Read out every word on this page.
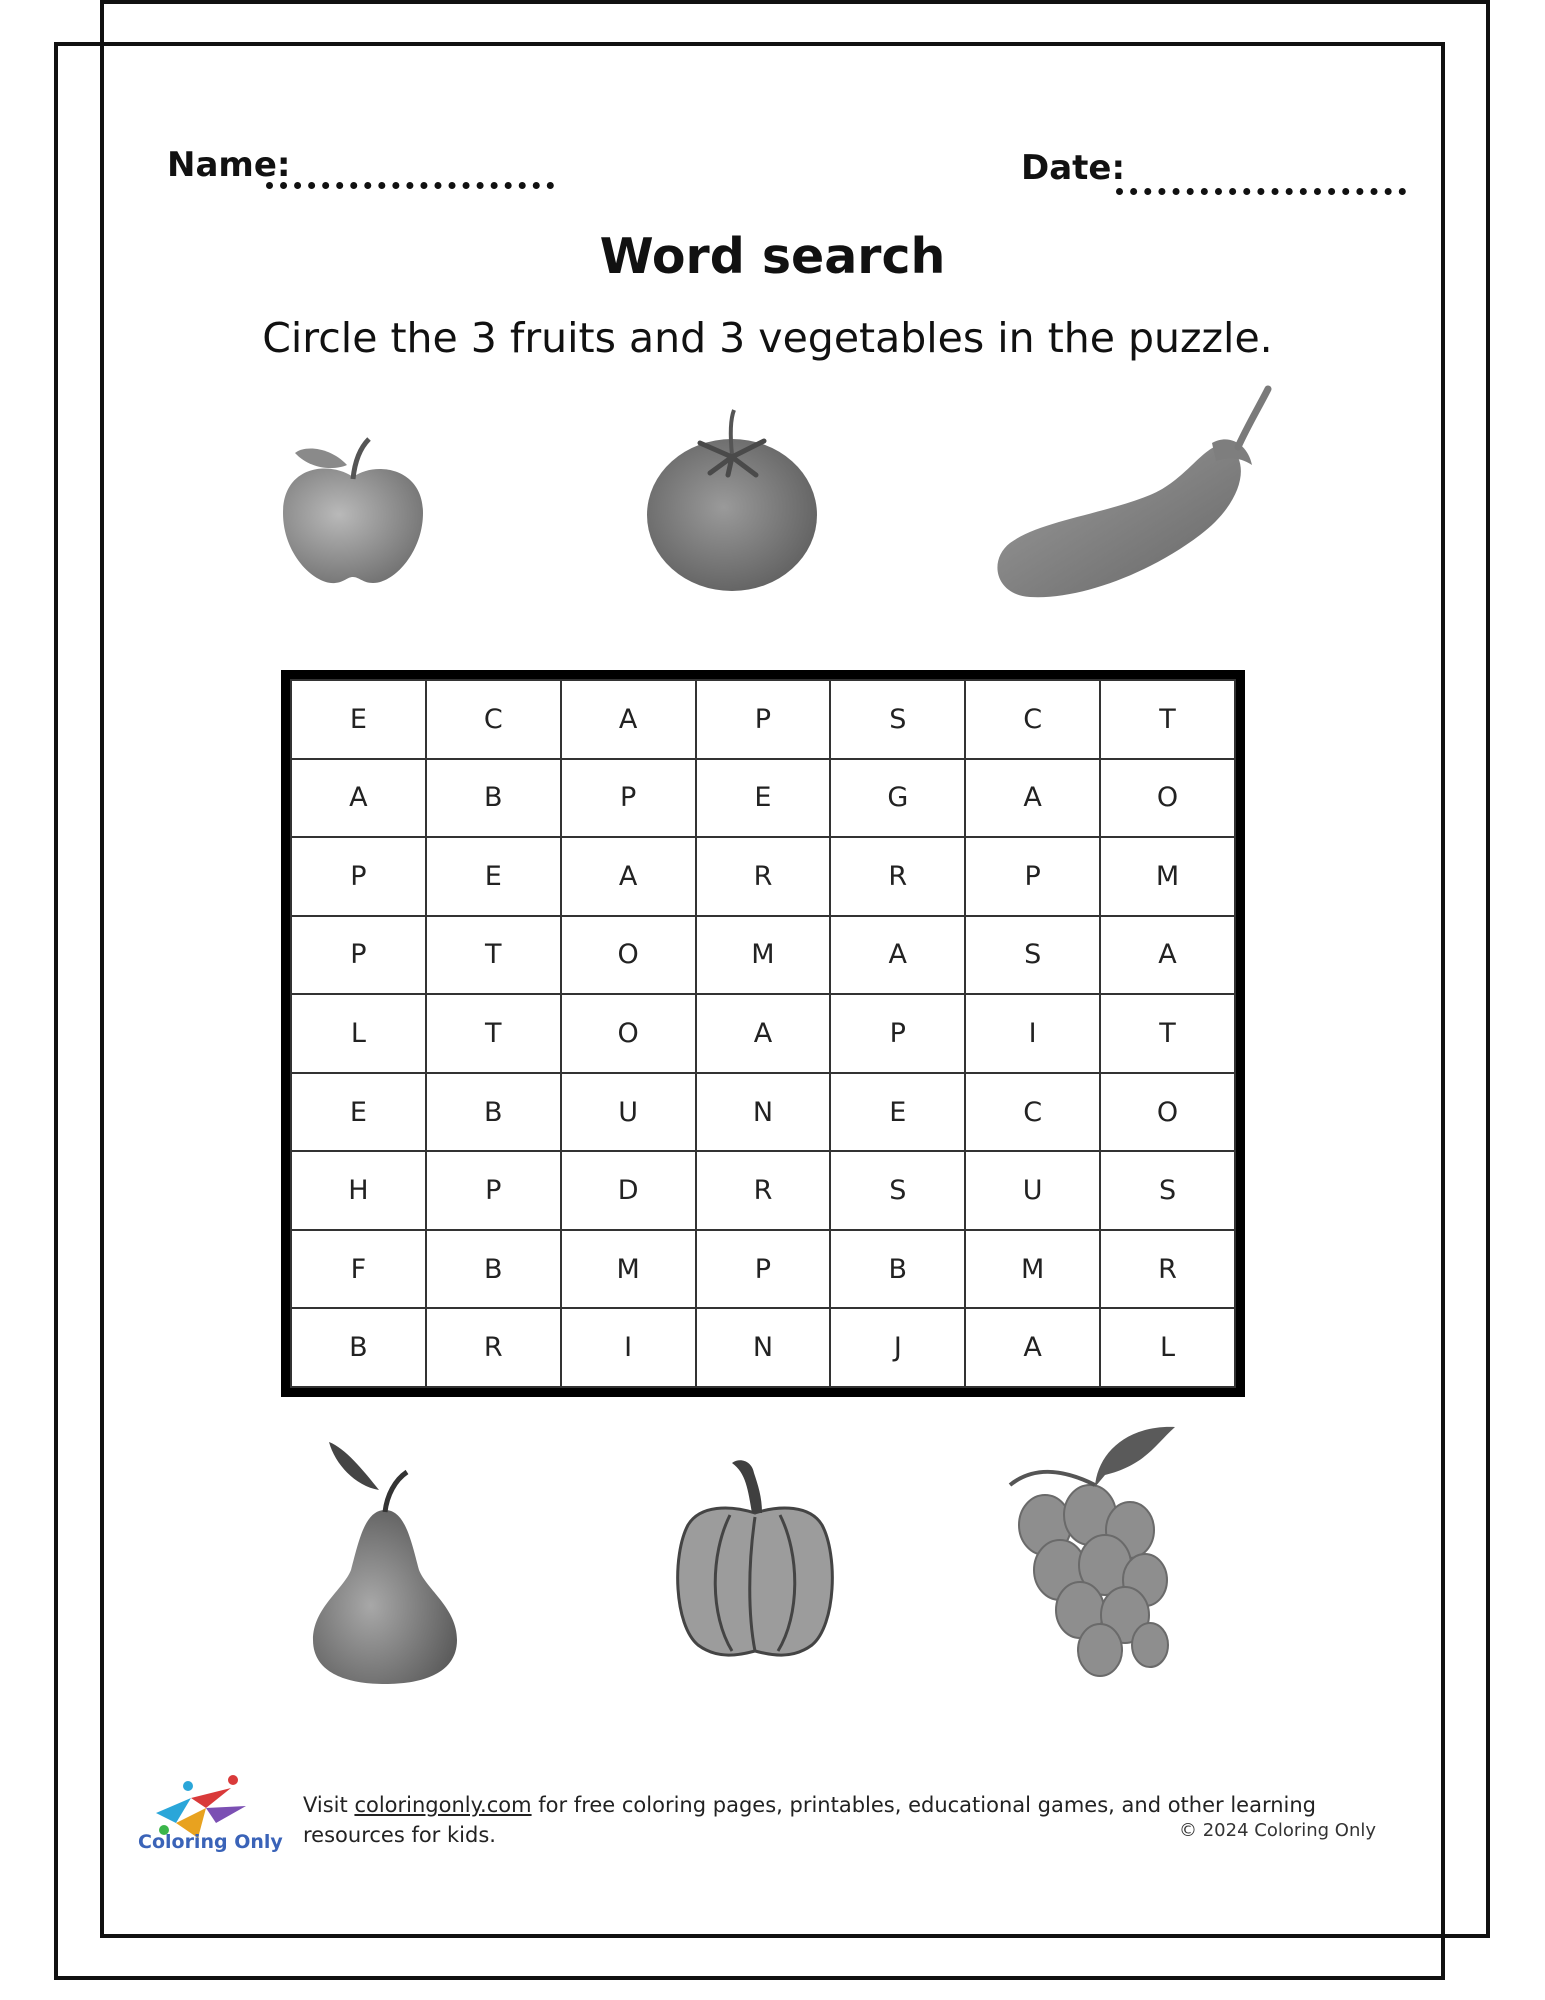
Name:	Date:
Word search
Circle the 3 fruits and 3 vegetables in the puzzle.
E	C	A	P	S	C	T
A	B	P	E	G	A	O
P	E	A	R	R	P	M
P	T	O	M	A	S	A
L	T	O	A	P	I	T
E	B	U	N	E	C	O
H	P	D	R	S	U	S
F	B	M	P	B	M	R
B	R	I	N	J	A	L
Coloring Only
Visit coloringonly.com for free coloring pages, printables, educational games, and other learning resources for kids.	© 2024 Coloring Only
